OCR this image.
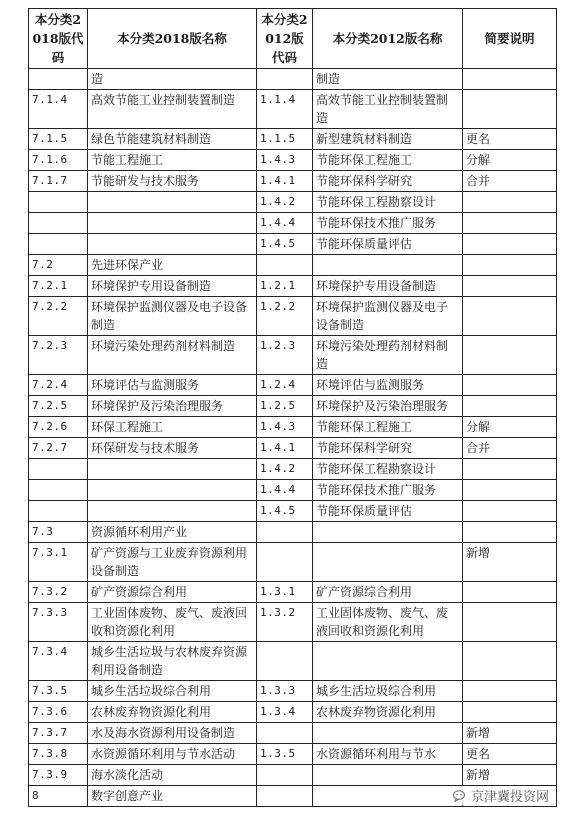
本分类2018版代码	本分类2018版名称	本分类2012版代码	本分类2012版名称	简要说明
	造		制造	
7.1.4	高效节能工业控制装置制造	1.1.4	高效节能工业控制装置制造	
7.1.5	绿色节能建筑材料制造	1.1.5	新型建筑材料制造	更名
7.1.6	节能工程施工	1.4.3	节能环保工程施工	分解
7.1.7	节能研发与技术服务	1.4.1	节能环保科学研究	合并
		1.4.2	节能环保工程勘察设计	
		1.4.4	节能环保技术推广服务	
		1.4.5	节能环保质量评估	
7.2	先进环保产业			
7.2.1	环境保护专用设备制造	1.2.1	环境保护专用设备制造	
7.2.2	环境保护监测仪器及电子设备制造	1.2.2	环境保护监测仪器及电子设备制造	
7.2.3	环境污染处理药剂材料制造	1.2.3	环境污染处理药剂材料制造	
7.2.4	环境评估与监测服务	1.2.4	环境评估与监测服务	
7.2.5	环境保护及污染治理服务	1.2.5	环境保护及污染治理服务	
7.2.6	环保工程施工	1.4.3	节能环保工程施工	分解
7.2.7	环保研发与技术服务	1.4.1	节能环保科学研究	合并
		1.4.2	节能环保工程勘察设计	
		1.4.4	节能环保技术推广服务	
		1.4.5	节能环保质量评估	
7.3	资源循环利用产业			
7.3.1	矿产资源与工业废弃资源利用设备制造			新增
7.3.2	矿产资源综合利用	1.3.1	矿产资源综合利用	
7.3.3	工业固体废物、废气、废液回收和资源化利用	1.3.2	工业固体废物、废气、废液回收和资源化利用	
7.3.4	城乡生活垃圾与农林废弃资源利用设备制造			
7.3.5	城乡生活垃圾综合利用	1.3.3	城乡生活垃圾综合利用	
7.3.6	农林废弃物资源化利用	1.3.4	农林废弃物资源化利用	
7.3.7	水及海水资源利用设备制造			新增
7.3.8	水资源循环利用与节水活动	1.3.5	水资源循环利用与节水	更名
7.3.9	海水淡化活动			新增
8	数字创意产业				京津冀投资网
